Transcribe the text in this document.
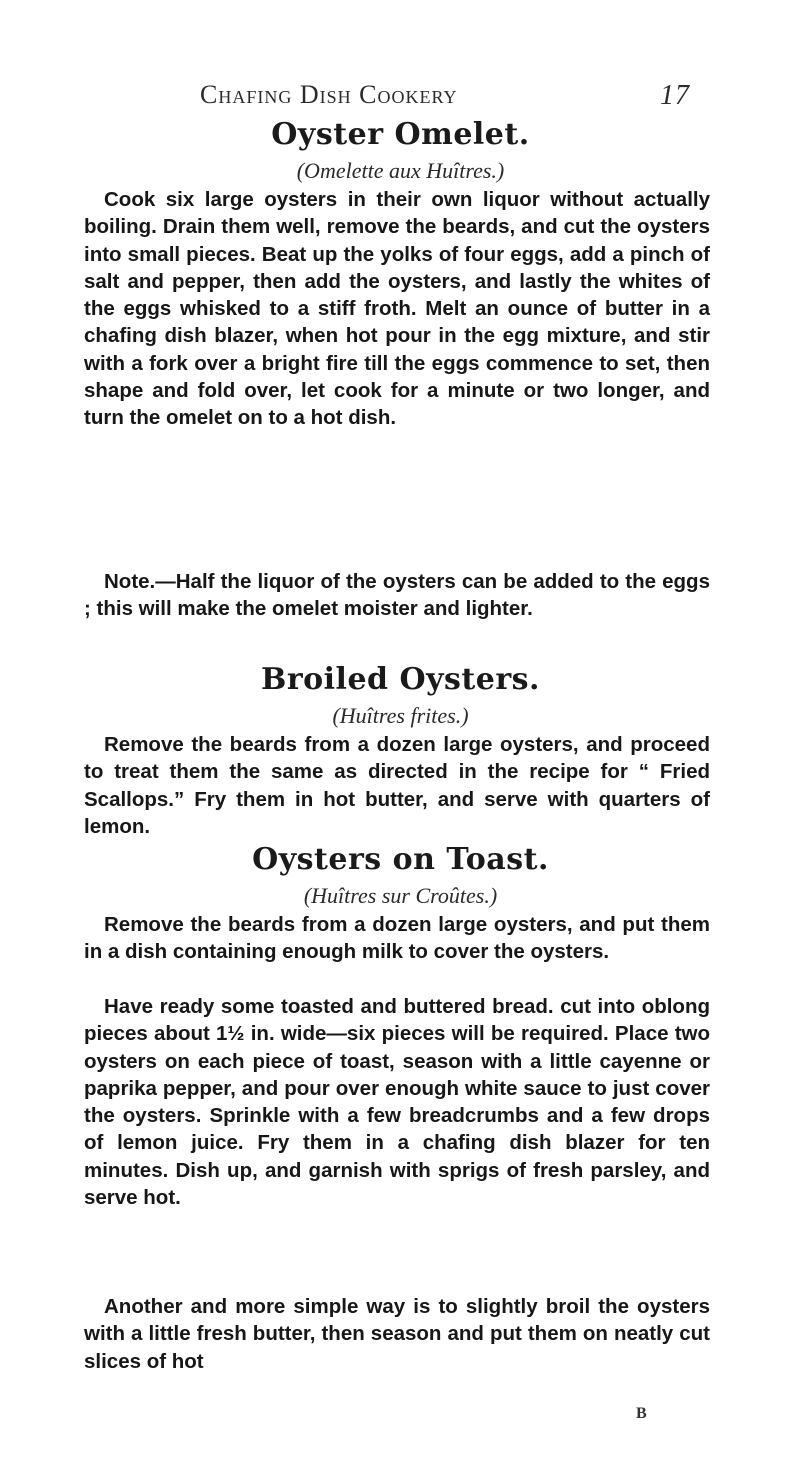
Chafing Dish Cookery	17
Oyster Omelet.
(Omelette aux Huîtres.)

Cook six large oysters in their own liquor without actually boiling. Drain them well, remove the beards, and cut the oysters into small pieces. Beat up the yolks of four eggs, add a pinch of salt and pepper, then add the oysters, and lastly the whites of the eggs whisked to a stiff froth. Melt an ounce of butter in a chafing dish blazer, when hot pour in the egg mixture, and stir with a fork over a bright fire till the eggs commence to set, then shape and fold over, let cook for a minute or two longer, and turn the omelet on to a hot dish.

Note.—Half the liquor of the oysters can be added to the eggs ; this will make the omelet moister and lighter.

Broiled Oysters.
(Huîtres frites.)

Remove the beards from a dozen large oysters, and proceed to treat them the same as directed in the recipe for “ Fried Scallops.” Fry them in hot butter, and serve with quarters of lemon.

Oysters on Toast.
(Huîtres sur Croûtes.)

Remove the beards from a dozen large oysters, and put them in a dish containing enough milk to cover the oysters.

Have ready some toasted and buttered bread. cut into oblong pieces about 1½ in. wide—six pieces will be required. Place two oysters on each piece of toast, season with a little cayenne or paprika pepper, and pour over enough white sauce to just cover the oysters. Sprinkle with a few breadcrumbs and a few drops of lemon juice. Fry them in a chafing dish blazer for ten minutes. Dish up, and garnish with sprigs of fresh parsley, and serve hot.

Another and more simple way is to slightly broil the oysters with a little fresh butter, then season and put them on neatly cut slices of hot

B
